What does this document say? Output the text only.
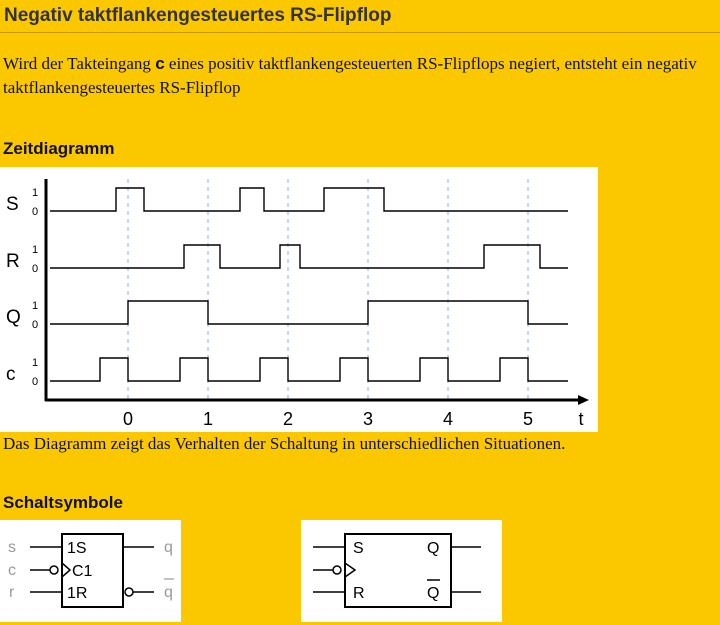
Negativ taktflankengesteuertes RS-Flipflop

Wird der Takteingang c eines positiv taktflankengesteuerten RS-Flipflops negiert, entsteht ein negativ taktflankengesteuertes RS-Flipflop

Zeitdiagramm
S
1
0
R
1
0
Q
1
0
c
1
0
0	1	2	3	4	5	t

Das Diagramm zeigt das Verhalten der Schaltung in unterschiedlichen Situationen.

Schaltsymbole
s
c
r
1S
C1
1R
q
q
S
R
Q
Q
